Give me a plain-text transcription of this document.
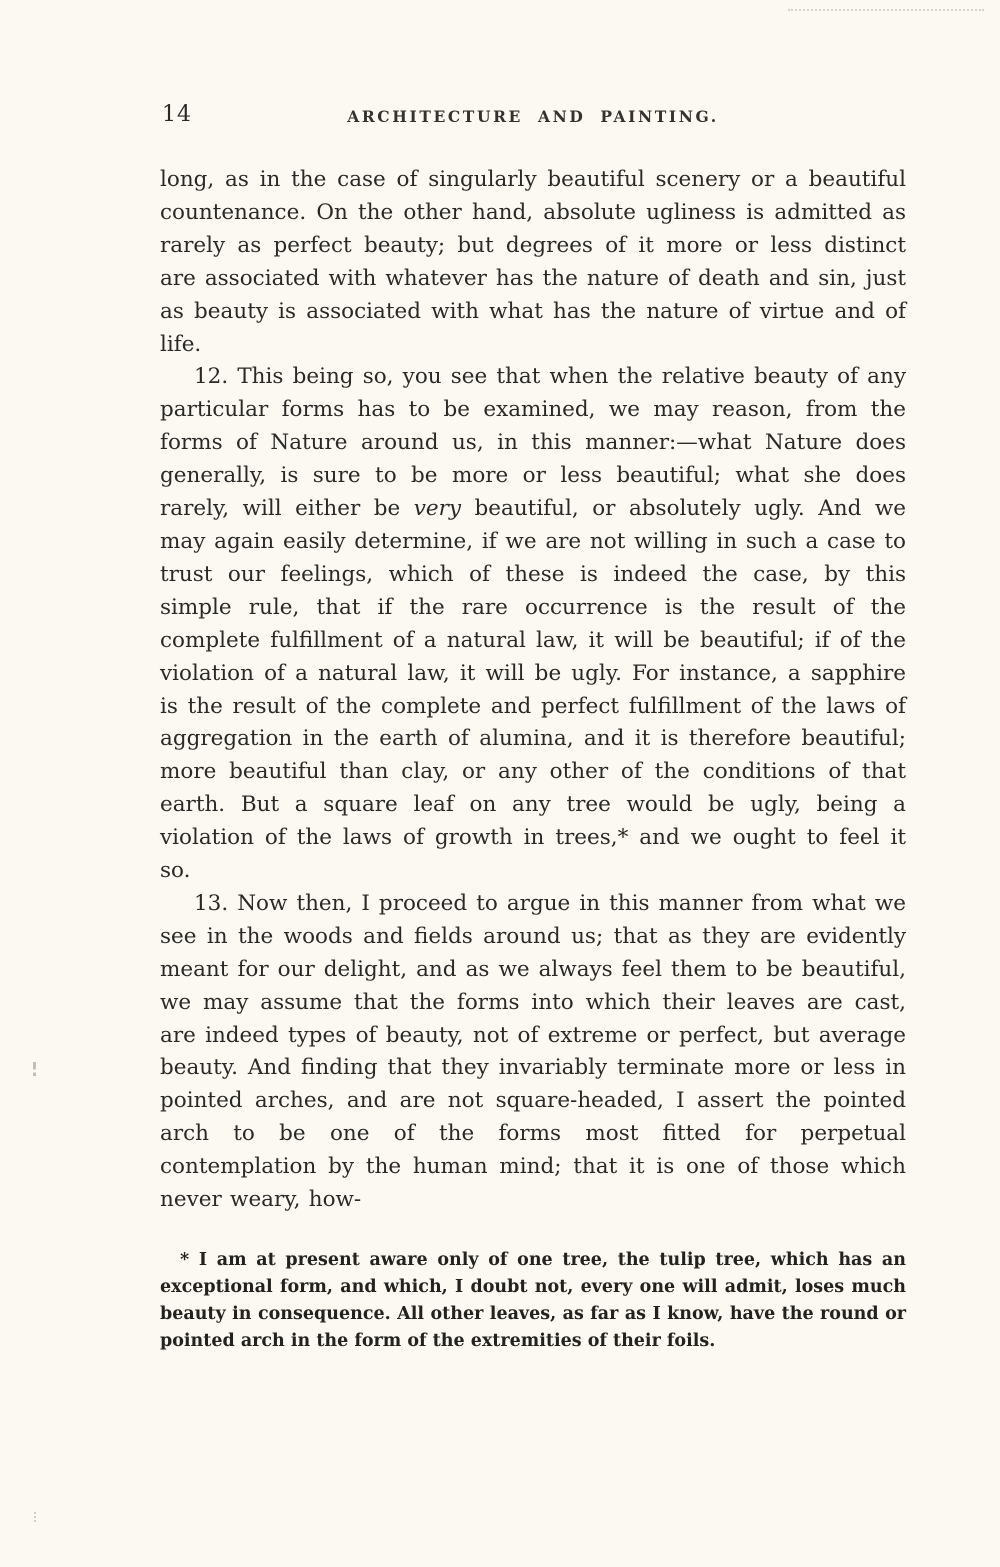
14	ARCHITECTURE AND PAINTING.

long, as in the case of singularly beautiful scenery or a beautiful countenance. On the other hand, absolute ugliness is admitted as rarely as perfect beauty; but degrees of it more or less distinct are associated with whatever has the nature of death and sin, just as beauty is associated with what has the nature of virtue and of life.

12. This being so, you see that when the relative beauty of any particular forms has to be examined, we may reason, from the forms of Nature around us, in this manner:—what Nature does generally, is sure to be more or less beautiful; what she does rarely, will either be very beautiful, or absolutely ugly. And we may again easily determine, if we are not willing in such a case to trust our feelings, which of these is indeed the case, by this simple rule, that if the rare occurrence is the result of the complete fulfillment of a natural law, it will be beautiful; if of the violation of a natural law, it will be ugly. For instance, a sapphire is the result of the complete and perfect fulfillment of the laws of aggregation in the earth of alumina, and it is therefore beautiful; more beautiful than clay, or any other of the conditions of that earth. But a square leaf on any tree would be ugly, being a violation of the laws of growth in trees,* and we ought to feel it so.

13. Now then, I proceed to argue in this manner from what we see in the woods and fields around us; that as they are evidently meant for our delight, and as we always feel them to be beautiful, we may assume that the forms into which their leaves are cast, are indeed types of beauty, not of extreme or perfect, but average beauty. And finding that they invariably terminate more or less in pointed arches, and are not square-headed, I assert the pointed arch to be one of the forms most fitted for perpetual contemplation by the human mind; that it is one of those which never weary, how-

* I am at present aware only of one tree, the tulip tree, which has an exceptional form, and which, I doubt not, every one will admit, loses much beauty in consequence. All other leaves, as far as I know, have the round or pointed arch in the form of the extremities of their foils.
